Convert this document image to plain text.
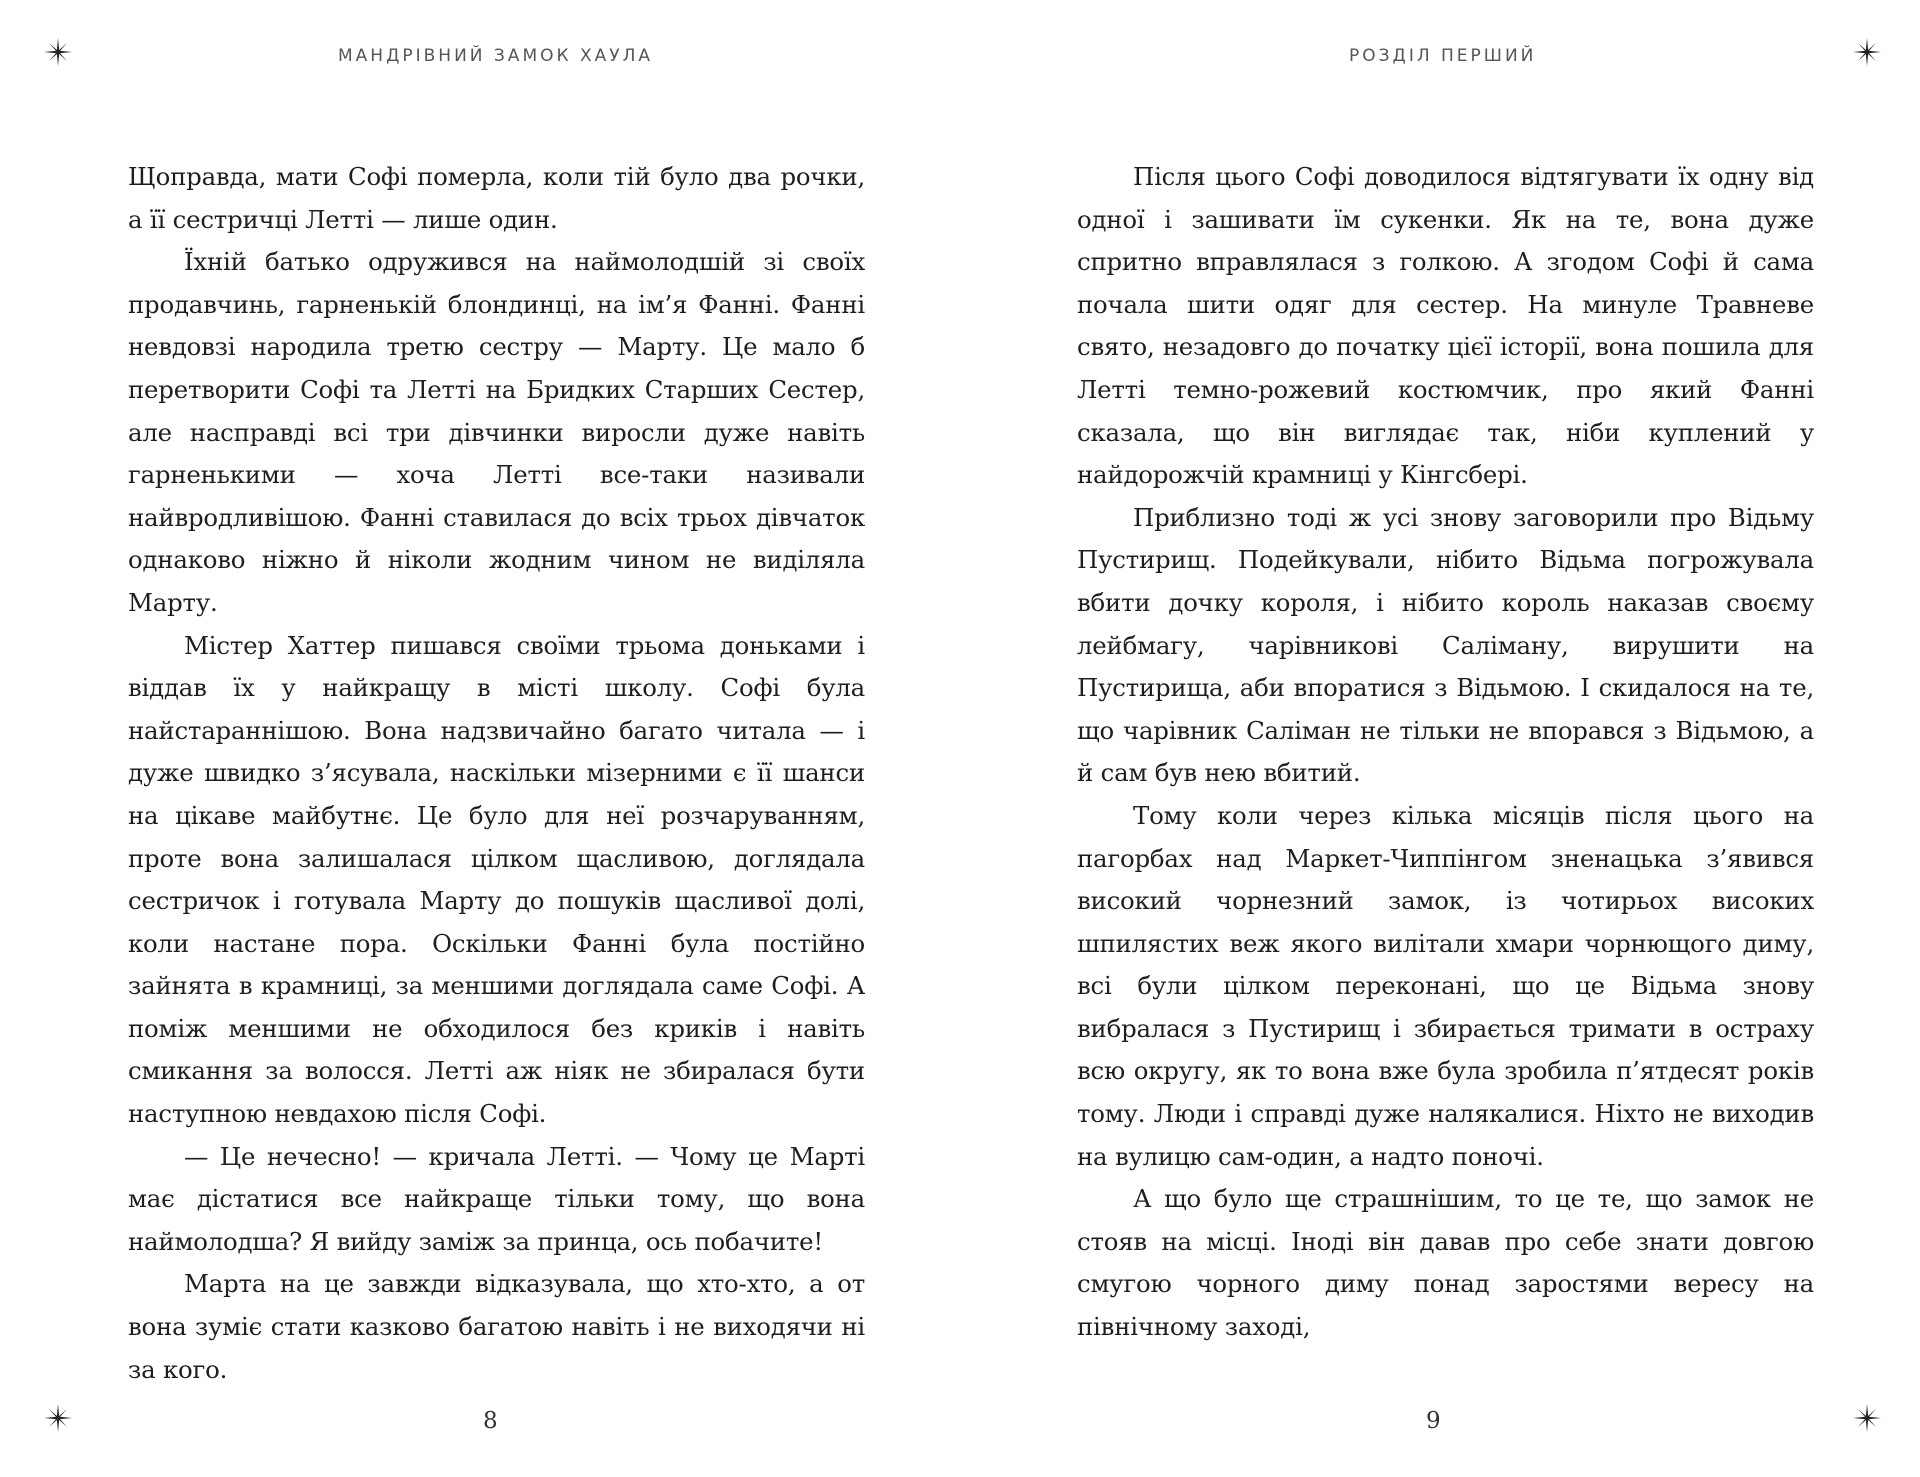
МАНДРІВНИЙ ЗАМОК ХАУЛА

Щоправда, мати Софі померла, коли тій було два рочки, а її сестричці Летті — лише один.

Їхній батько одружився на наймолодшій зі своїх продавчинь, гарненькій блондинці, на ім’я Фанні. Фанні невдовзі народила третю сестру — Марту. Це мало б перетворити Софі та Летті на Бридких Старших Сестер, але насправді всі три дівчинки виросли дуже навіть гарненькими — хоча Летті все-таки називали найвродливішою. Фанні ставилася до всіх трьох дівчаток однаково ніжно й ніколи жодним чином не виділяла Марту.

Містер Хаттер пишався своїми трьома доньками і віддав їх у найкращу в місті школу. Софі була найстараннішою. Вона надзвичайно багато читала — і дуже швидко з’ясувала, наскільки мізерними є її шанси на цікаве майбутнє. Це було для неї розчаруванням, проте вона залишалася цілком щасливою, доглядала сестричок і готувала Марту до пошуків щасливої долі, коли настане пора. Оскільки Фанні була постійно зайнята в крамниці, за меншими доглядала саме Софі. А поміж меншими не обходилося без криків і навіть смикання за волосся. Летті аж ніяк не збиралася бути наступною невдахою після Софі.

— Це нечесно! — кричала Летті. — Чому це Марті має дістатися все найкраще тільки тому, що вона наймолодша? Я вийду заміж за принца, ось побачите!

Марта на це завжди відказувала, що хто-хто, а от вона зуміє стати казково багатою навіть і не виходячи ні за кого.

8
РОЗДІЛ ПЕРШИЙ

Після цього Софі доводилося відтягувати їх одну від одної і зашивати їм сукенки. Як на те, вона дуже спритно вправлялася з голкою. А згодом Софі й сама почала шити одяг для сестер. На минуле Травневе свято, незадовго до початку цієї історії, вона пошила для Летті темно-рожевий костюмчик, про який Фанні сказала, що він виглядає так, ніби куплений у найдорожчій крамниці у Кінгсбері.

Приблизно тоді ж усі знову заговорили про Відьму Пустирищ. Подейкували, нібито Відьма погрожувала вбити дочку короля, і нібито король наказав своєму лейбмагу, чарівникові Саліману, вирушити на Пустирища, аби впоратися з Відьмою. І скидалося на те, що чарівник Саліман не тільки не впорався з Відьмою, а й сам був нею вбитий.

Тому коли через кілька місяців після цього на пагорбах над Маркет-Чиппінгом зненацька з’явився високий чорнезний замок, із чотирьох високих шпилястих веж якого вилітали хмари чорнющого диму, всі були цілком переконані, що це Відьма знову вибралася з Пустирищ і збирається тримати в остраху всю округу, як то вона вже була зробила п’ятдесят років тому. Люди і справді дуже налякалися. Ніхто не виходив на вулицю сам-один, а надто поночі.

А що було ще страшнішим, то це те, що замок не стояв на місці. Іноді він давав про себе знати довгою смугою чорного диму понад заростями вересу на північному заході,

9
